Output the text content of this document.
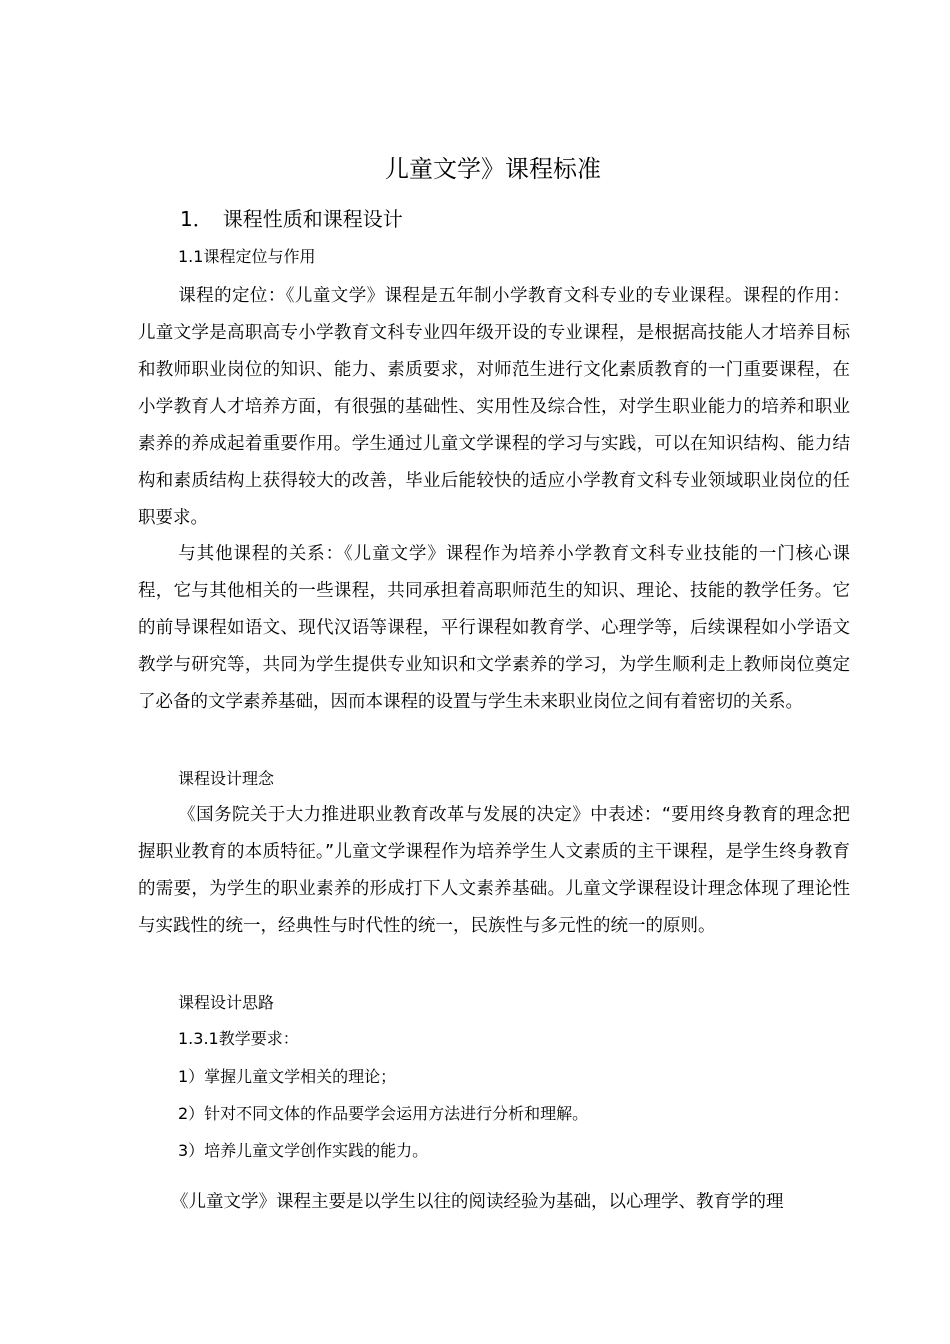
儿童文学》课程标准
1． 课程性质和课程设计
1.1课程定位与作用
课程的定位：《儿童文学》课程是五年制小学教育文科专业的专业课程。课程的作用：儿童文学是高职高专小学教育文科专业四年级开设的专业课程，是根据高技能人才培养目标和教师职业岗位的知识、能力、素质要求，对师范生进行文化素质教育的一门重要课程，在小学教育人才培养方面，有很强的基础性、实用性及综合性，对学生职业能力的培养和职业素养的养成起着重要作用。学生通过儿童文学课程的学习与实践，可以在知识结构、能力结构和素质结构上获得较大的改善，毕业后能较快的适应小学教育文科专业领域职业岗位的任职要求。
与其他课程的关系：《儿童文学》课程作为培养小学教育文科专业技能的一门核心课程，它与其他相关的一些课程，共同承担着高职师范生的知识、理论、技能的教学任务。它的前导课程如语文、现代汉语等课程，平行课程如教育学、心理学等，后续课程如小学语文教学与研究等，共同为学生提供专业知识和文学素养的学习，为学生顺利走上教师岗位奠定了必备的文学素养基础，因而本课程的设置与学生未来职业岗位之间有着密切的关系。
课程设计理念
《国务院关于大力推进职业教育改革与发展的决定》中表述：“要用终身教育的理念把握职业教育的本质特征。”儿童文学课程作为培养学生人文素质的主干课程，是学生终身教育的需要，为学生的职业素养的形成打下人文素养基础。儿童文学课程设计理念体现了理论性与实践性的统一，经典性与时代性的统一，民族性与多元性的统一的原则。
课程设计思路
1.3.1教学要求：
1）掌握儿童文学相关的理论；
2）针对不同文体的作品要学会运用方法进行分析和理解。
3）培养儿童文学创作实践的能力。
《儿童文学》课程主要是以学生以往的阅读经验为基础，以心理学、教育学的理
